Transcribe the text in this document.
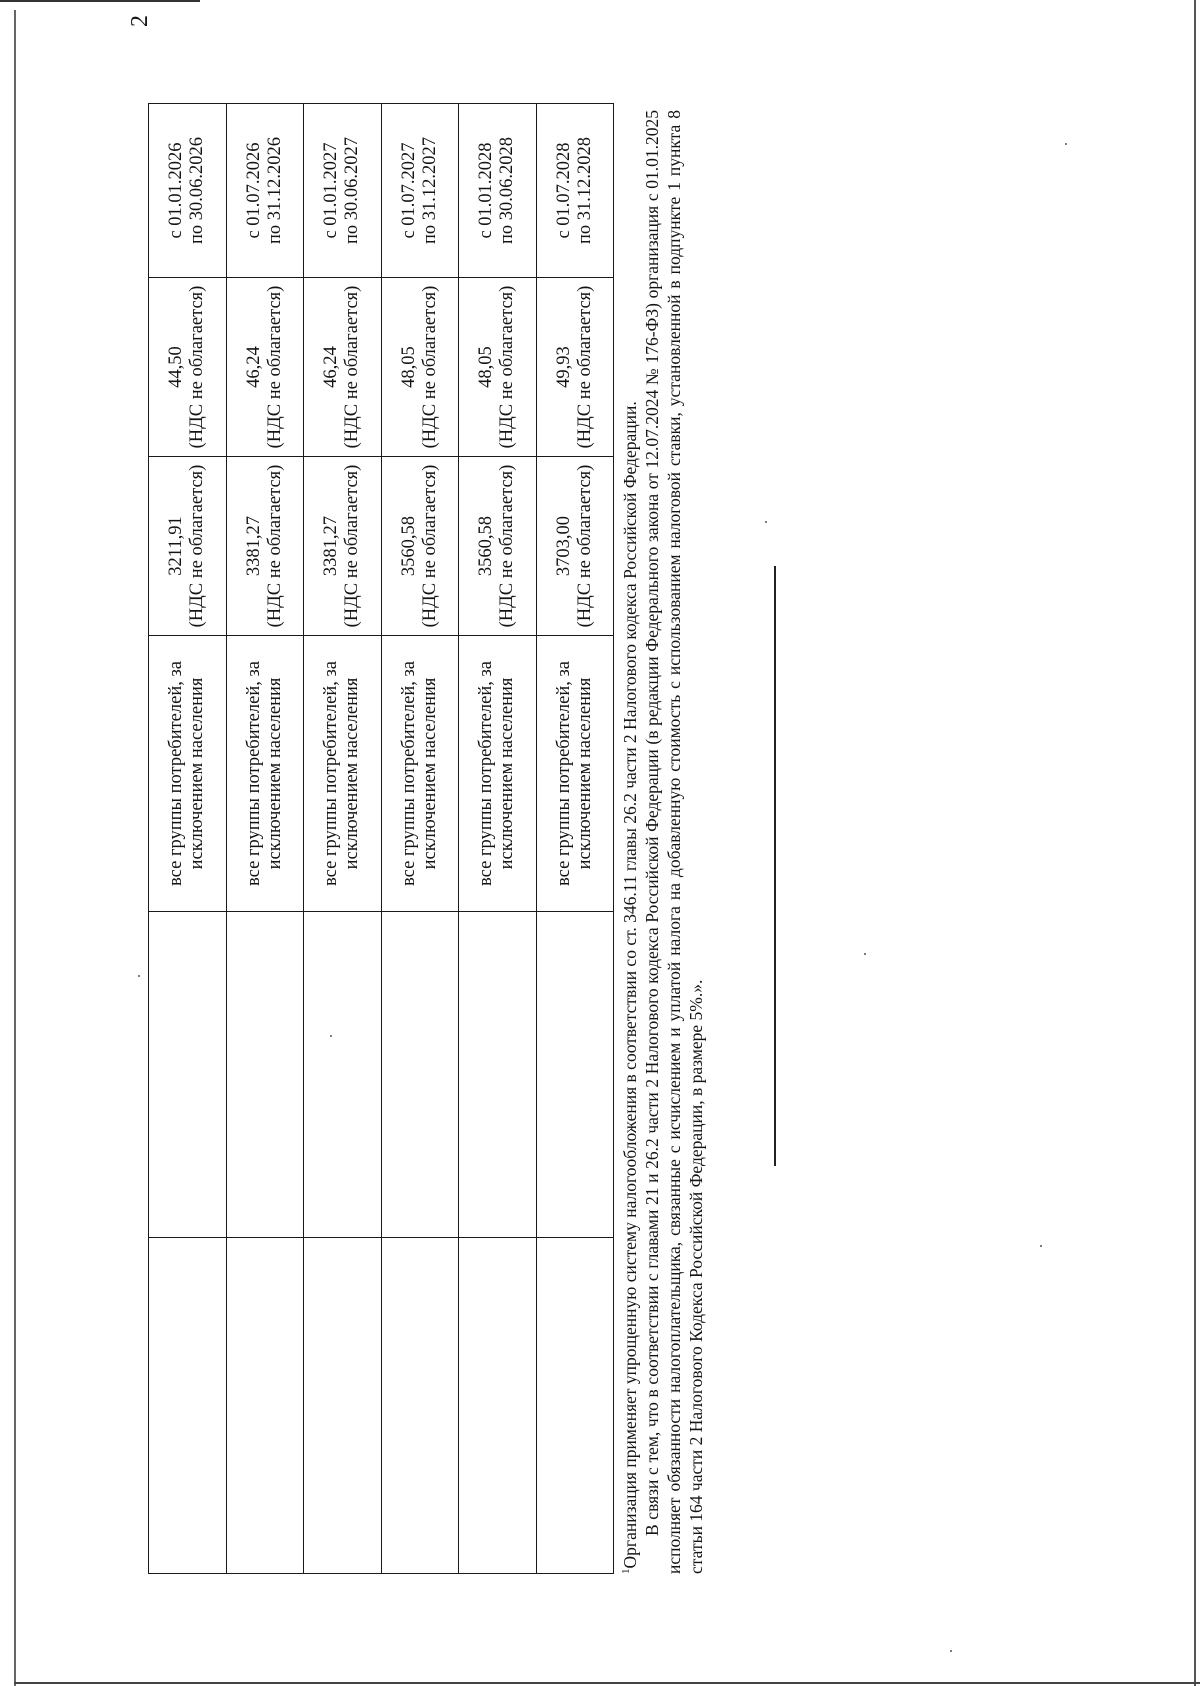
2

		все группы потребителей, за исключением населения	3211,91 (НДС не облагается)	44,50 (НДС не облагается)	с 01.01.2026 по 30.06.2026

		все группы потребителей, за исключением населения	3381,27 (НДС не облагается)	46,24 (НДС не облагается)	с 01.07.2026 по 31.12.2026

		все группы потребителей, за исключением населения	3381,27 (НДС не облагается)	46,24 (НДС не облагается)	с 01.01.2027 по 30.06.2027

		все группы потребителей, за исключением населения	3560,58 (НДС не облагается)	48,05 (НДС не облагается)	с 01.07.2027 по 31.12.2027

		все группы потребителей, за исключением населения	3560,58 (НДС не облагается)	48,05 (НДС не облагается)	с 01.01.2028 по 30.06.2028

		все группы потребителей, за исключением населения	3703,00 (НДС не облагается)	49,93 (НДС не облагается)	с 01.07.2028 по 31.12.2028

$^1$Организация применяет упрощенную систему налогообложения в соответствии со ст. 346.11 главы 26.2 части 2 Налогового кодекса Российской Федерации. В связи с тем, что в соответствии с главами 21 и 26.2 части 2 Налогового кодекса Российской Федерации (в редакции Федерального закона от 12.07.2024 № 176-ФЗ) организация с 01.01.2025 исполняет обязанности налогоплательщика, связанные с исчислением и уплатой налога на добавленную стоимость с использованием налоговой ставки, установленной в подпункте 1 пункта 8 статьи 164 части 2 Налогового Кодекса Российской Федерации, в размере 5%.».
